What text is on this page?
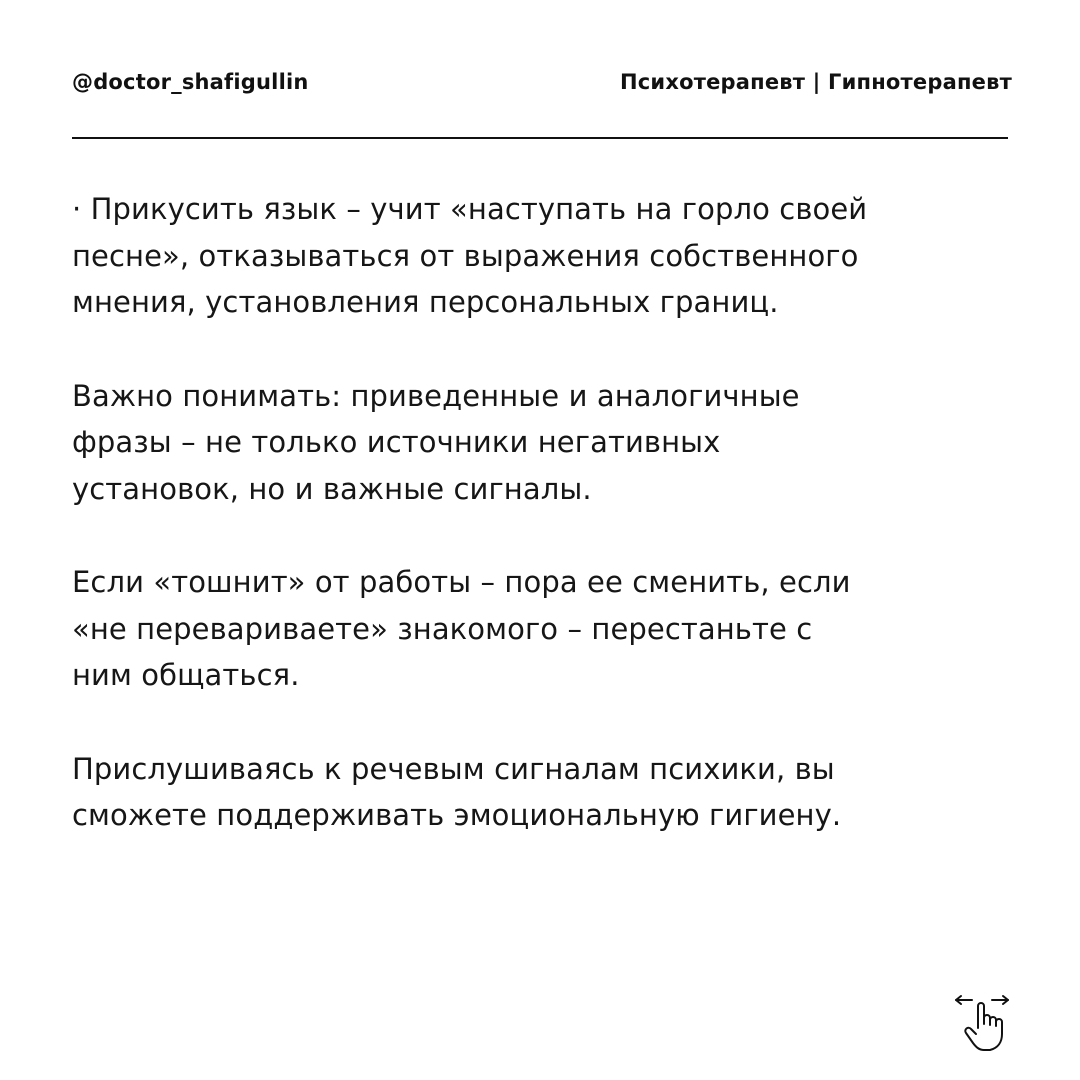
@doctor_shafigullin	Психотерапевт | Гипнотерапевт

· Прикусить язык – учит «наступать на горло своей
песне», отказываться от выражения собственного
мнения, установления персональных границ.

Важно понимать: приведенные и аналогичные
фразы – не только источники негативных
установок, но и важные сигналы.

Если «тошнит» от работы – пора ее сменить, если
«не перевариваете» знакомого – перестаньте с
ним общаться.

Прислушиваясь к речевым сигналам психики, вы
сможете поддерживать эмоциональную гигиену.
